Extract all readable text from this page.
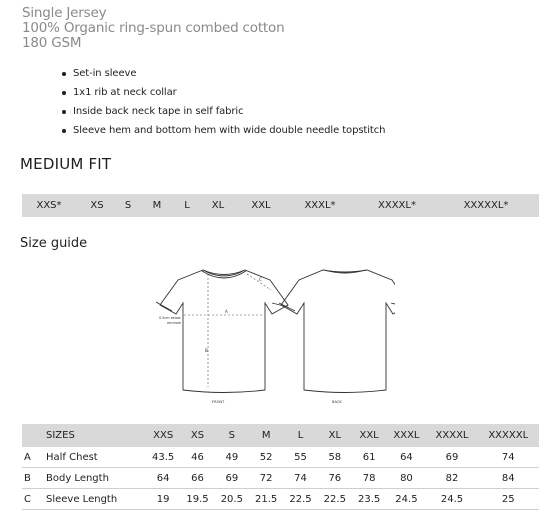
Single Jersey
100% Organic ring-spun combed cotton
180 GSM
Set-in sleeve
1x1 rib at neck collar
Inside back neck tape in self fabric
Sleeve hem and bottom hem with wide double needle topstitch
MEDIUM FIT
XXS*	XS S M L XL	XXL	XXXL*	XXXXL*	XXXXXL*
Size guide
A
B
C
0.5cm below
armhole
FRONT	BACK
	SIZES	XXS	XS	S	M	L	XL	XXL	XXXL	XXXXL	XXXXXL
A	Half Chest	43.5	46	49	52	55	58	61	64	69	74
B	Body Length	64	66	69	72	74	76	78	80	82	84
C	Sleeve Length	19	19.5	20.5	21.5	22.5	22.5	23.5	24.5	24.5	25
